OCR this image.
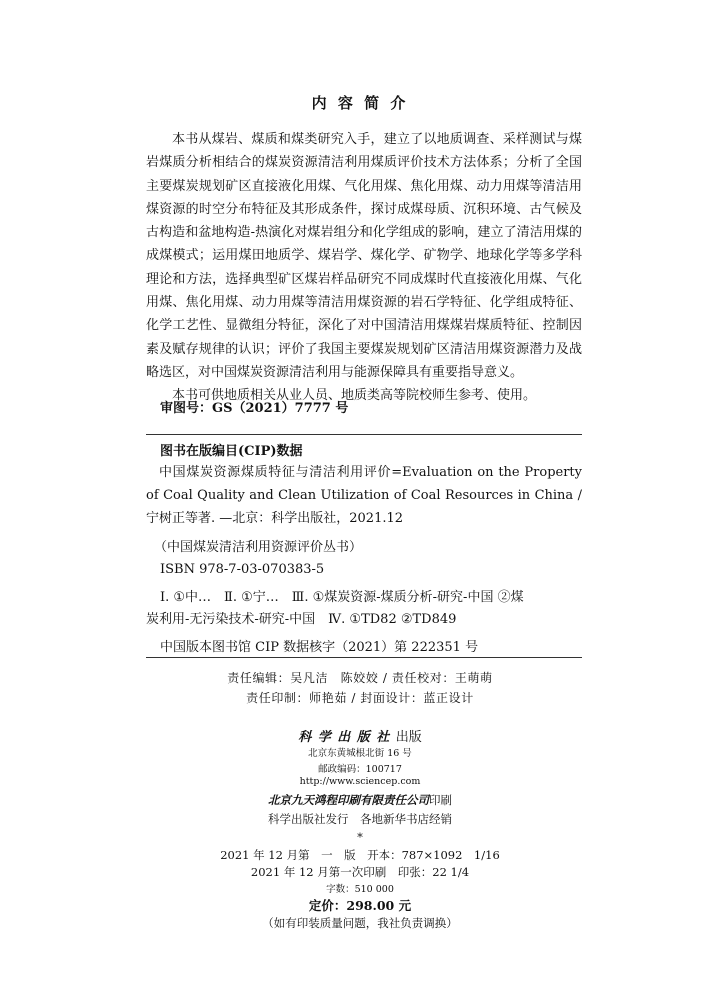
内 容 简 介

本书从煤岩、煤质和煤类研究入手，建立了以地质调查、采样测试与煤岩煤质分析相结合的煤炭资源清洁利用煤质评价技术方法体系；分析了全国主要煤炭规划矿区直接液化用煤、气化用煤、焦化用煤、动力用煤等清洁用煤资源的时空分布特征及其形成条件，探讨成煤母质、沉积环境、古气候及古构造和盆地构造-热演化对煤岩组分和化学组成的影响，建立了清洁用煤的成煤模式；运用煤田地质学、煤岩学、煤化学、矿物学、地球化学等多学科理论和方法，选择典型矿区煤岩样品研究不同成煤时代直接液化用煤、气化用煤、焦化用煤、动力用煤等清洁用煤资源的岩石学特征、化学组成特征、化学工艺性、显微组分特征，深化了对中国清洁用煤煤岩煤质特征、控制因素及赋存规律的认识；评价了我国主要煤炭规划矿区清洁用煤资源潜力及战略选区，对中国煤炭资源清洁利用与能源保障具有重要指导意义。

本书可供地质相关从业人员、地质类高等院校师生参考、使用。

审图号：GS（2021）7777 号
图书在版编目(CIP)数据
中国煤炭资源煤质特征与清洁利用评价=Evaluation on the Property of Coal Quality and Clean Utilization of Coal Resources in China / 宁树正等著. —北京：科学出版社，2021.12
（中国煤炭清洁利用资源评价丛书）
ISBN 978-7-03-070383-5
Ⅰ. ①中…　Ⅱ. ①宁…　Ⅲ. ①煤炭资源-煤质分析-研究-中国 ②煤
炭利用-无污染技术-研究-中国　Ⅳ. ①TD82 ②TD849
中国版本图书馆 CIP 数据核字（2021）第 222351 号
责任编辑：吴凡洁　陈姣姣 / 责任校对：王萌萌
责任印制：师艳茹 / 封面设计：蓝正设计
科学出版社出版
北京东黄城根北街 16 号
邮政编码：100717
http://www.sciencep.com
北京九天鸿程印刷有限责任公司印刷
科学出版社发行　各地新华书店经销
*
2021 年 12 月第　一　版　开本：787×1092　1/16
2021 年 12 月第一次印刷　印张：22 1/4
字数：510 000
定价：298.00 元
（如有印装质量问题，我社负责调换）
